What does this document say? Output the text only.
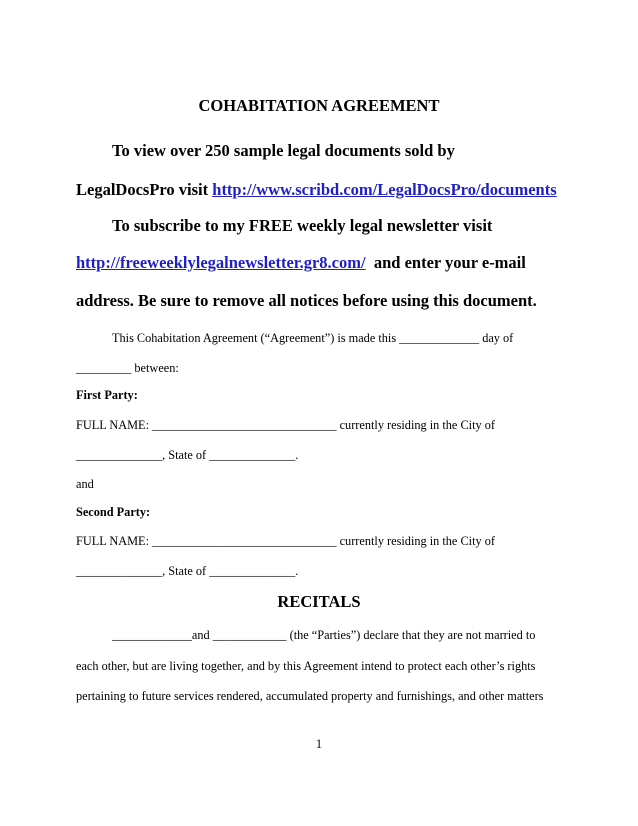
COHABITATION AGREEMENT
To view over 250 sample legal documents sold by
LegalDocsPro visit http://www.scribd.com/LegalDocsPro/documents
To subscribe to my FREE weekly legal newsletter visit
http://freeweeklylegalnewsletter.gr8.com/ and enter your e-mail
address. Be sure to remove all notices before using this document.
This Cohabitation Agreement (“Agreement”) is made this _____________ day of
_________ between:
First Party:
FULL NAME: ______________________________ currently residing in the City of
______________, State of ______________.
and
Second Party:
FULL NAME: ______________________________ currently residing in the City of
______________, State of ______________.
RECITALS
_____________and ____________ (the “Parties”) declare that they are not married to
each other, but are living together, and by this Agreement intend to protect each other’s rights
pertaining to future services rendered, accumulated property and furnishings, and other matters
1
